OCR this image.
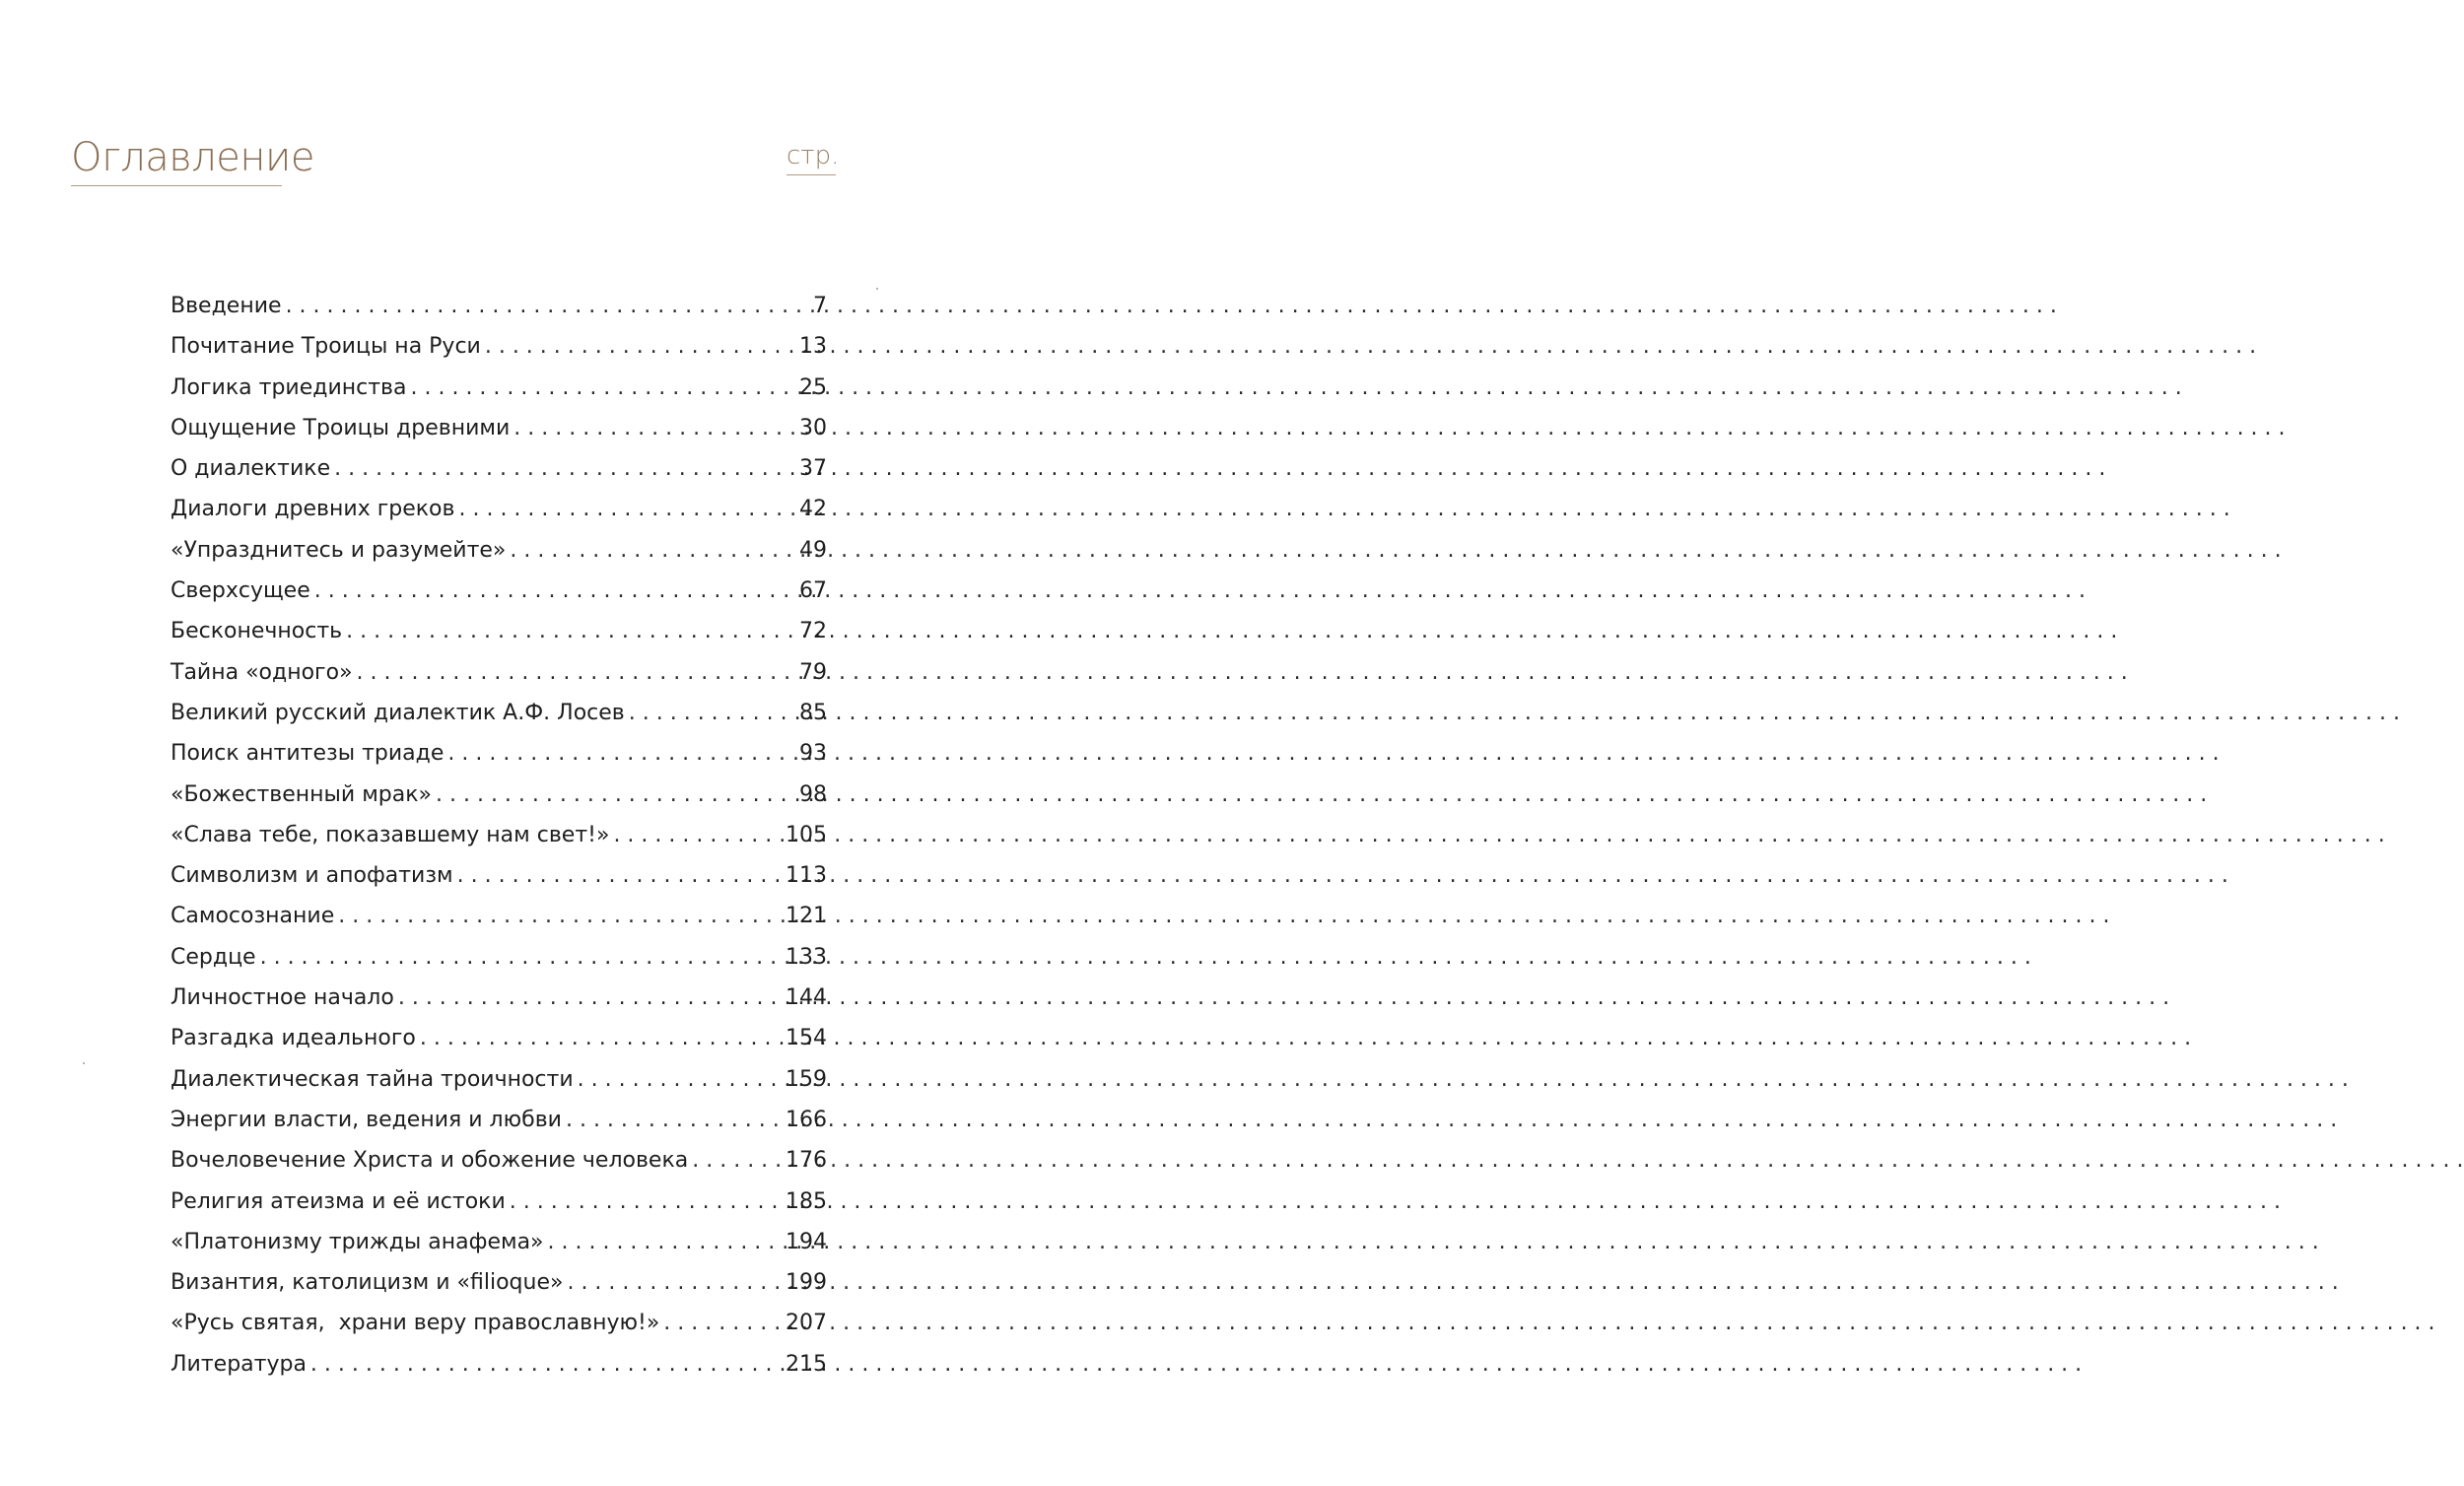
Оглавление	стр.
Введение . . .	7
Почитание Троицы на Руси . . .	13
Логика триединства . . .	25
Ощущение Троицы древними . . .	30
О диалектике . . .	37
Диалоги древних греков . . .	42
«Упразднитесь и разумейте» . . .	49
Сверхсущее . . .	67
Бесконечность . . .	72
Тайна «одного» . . .	79
Великий русский диалектик А.Ф. Лосев . . .	85
Поиск антитезы триаде . . .	93
«Божественный мрак» . . .	98
«Слава тебе, показавшему нам свет!» . . .	105
Символизм и апофатизм . . .	113
Самосознание . . .	121
Сердце . . .	133
Личностное начало . . .	144
Разгадка идеального . . .	154
Диалектическая тайна троичности . . .	159
Энергии власти, ведения и любви . . .	166
Вочеловечение Христа и обожение человека . . .	176
Религия атеизма и её истоки . . .	185
«Платонизму трижды анафема» . . .	194
Византия, католицизм и «filioque» . . .	199
«Русь святая,  храни веру православную!» . . .	207
Литература . . .	215
